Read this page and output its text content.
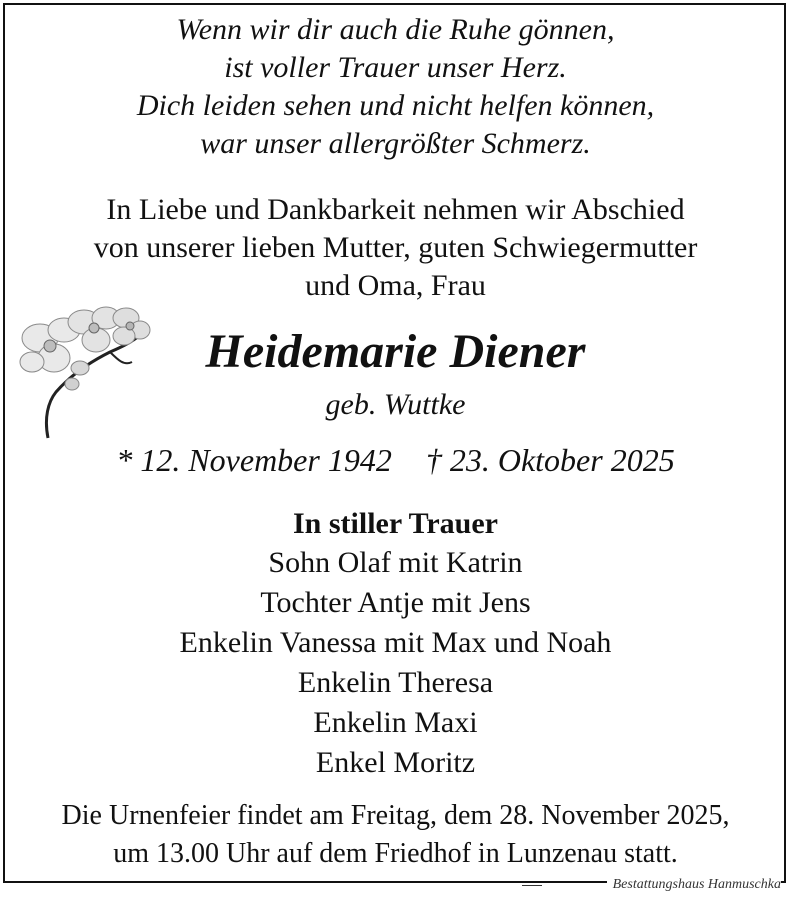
Wenn wir dir auch die Ruhe gönnen,
ist voller Trauer unser Herz.
Dich leiden sehen und nicht helfen können,
war unser allergrößter Schmerz.
In Liebe und Dankbarkeit nehmen wir Abschied
von unserer lieben Mutter, guten Schwiegermutter
und Oma, Frau
Heidemarie Diener
geb. Wuttke
* 12. November 1942 † 23. Oktober 2025
In stiller Trauer
Sohn Olaf mit Katrin
Tochter Antje mit Jens
Enkelin Vanessa mit Max und Noah
Enkelin Theresa
Enkelin Maxi
Enkel Moritz
Die Urnenfeier findet am Freitag, dem 28. November 2025,
um 13.00 Uhr auf dem Friedhof in Lunzenau statt.
Bestattungshaus Hanmuschka
